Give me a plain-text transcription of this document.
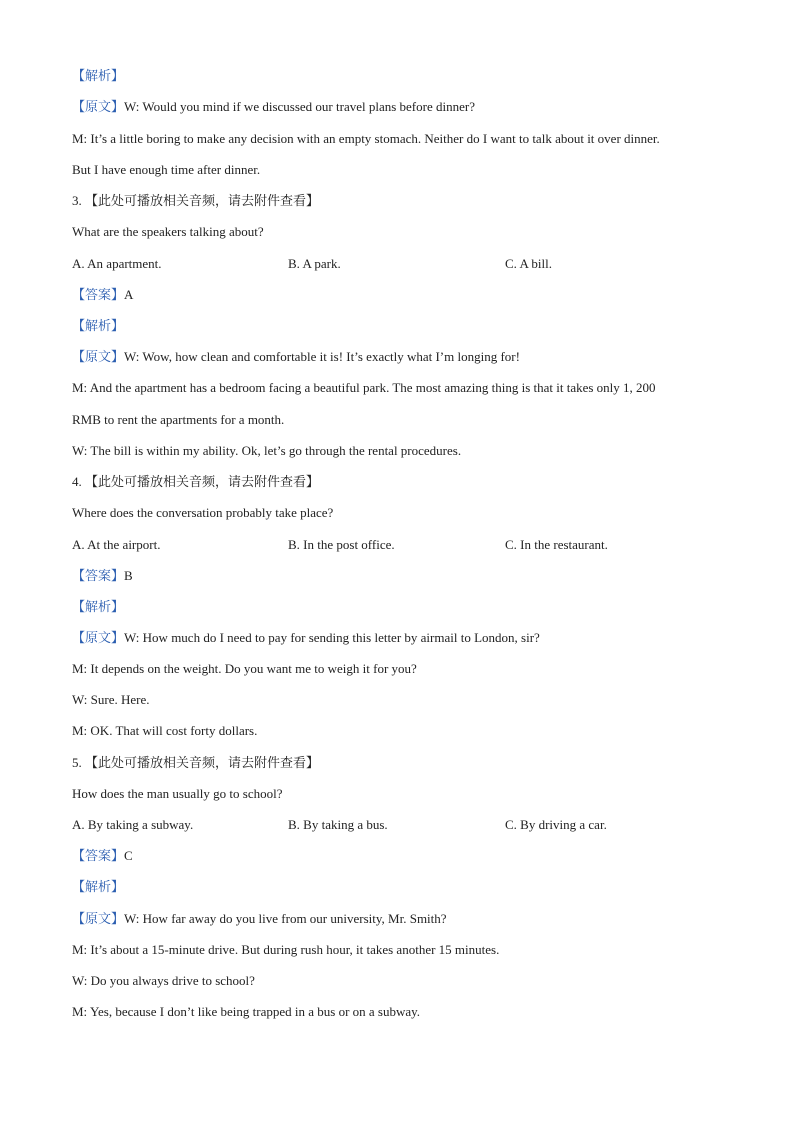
【解析】
【原文】W: Would you mind if we discussed our travel plans before dinner?
M: It’s a little boring to make any decision with an empty stomach. Neither do I want to talk about it over dinner.
But I have enough time after dinner.
3. 【此处可播放相关音频，请去附件查看】
What are the speakers talking about?
A. An apartment.	B. A park.	C. A bill.
【答案】A
【解析】
【原文】W: Wow, how clean and comfortable it is! It’s exactly what I’m longing for!
M: And the apartment has a bedroom facing a beautiful park. The most amazing thing is that it takes only 1, 200
RMB to rent the apartments for a month.
W: The bill is within my ability. Ok, let’s go through the rental procedures.
4. 【此处可播放相关音频，请去附件查看】
Where does the conversation probably take place?
A. At the airport.	B. In the post office.	C. In the restaurant.
【答案】B
【解析】
【原文】W: How much do I need to pay for sending this letter by airmail to London, sir?
M: It depends on the weight. Do you want me to weigh it for you?
W: Sure. Here.
M: OK. That will cost forty dollars.
5. 【此处可播放相关音频，请去附件查看】
How does the man usually go to school?
A. By taking a subway.	B. By taking a bus.	C. By driving a car.
【答案】C
【解析】
【原文】W: How far away do you live from our university, Mr. Smith?
M: It’s about a 15-minute drive. But during rush hour, it takes another 15 minutes.
W: Do you always drive to school?
M: Yes, because I don’t like being trapped in a bus or on a subway.
